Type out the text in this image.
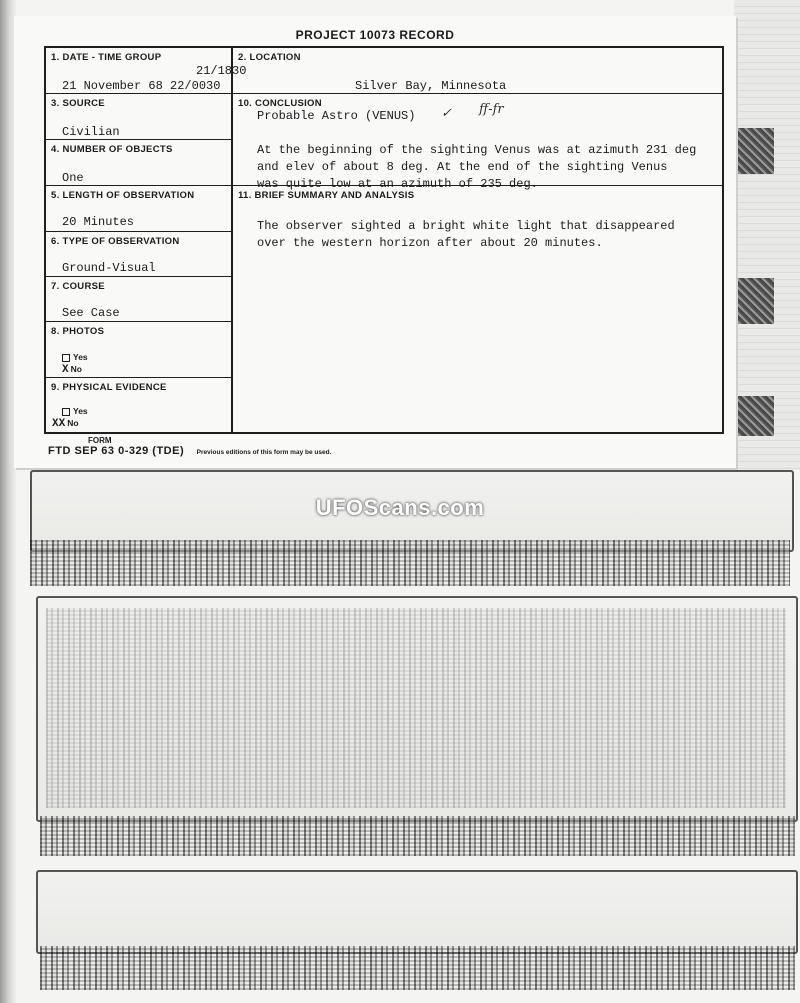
PROJECT 10073 RECORD
1. DATE - TIME GROUP
21/1830
21 November 68 22/0030
3. SOURCE
Civilian
4. NUMBER OF OBJECTS
One
5. LENGTH OF OBSERVATION
20 Minutes
6. TYPE OF OBSERVATION
Ground-Visual
7. COURSE
See Case
8. PHOTOS
Yes
X No
9. PHYSICAL EVIDENCE
Yes
XX No
2. LOCATION
Silver Bay, Minnesota
10. CONCLUSION
Probable Astro (VENUS) ✓ ff-fr
At the beginning of the sighting Venus was at azimuth 231 deg
and elev of about 8 deg. At the end of the sighting Venus
was quite low at an azimuth of 235 deg.
11. BRIEF SUMMARY AND ANALYSIS
The observer sighted a bright white light that disappeared
over the western horizon after about 20 minutes.
FORM
FTD SEP 63 0-329 (TDE) Previous editions of this form may be used.
UFOScans.com
